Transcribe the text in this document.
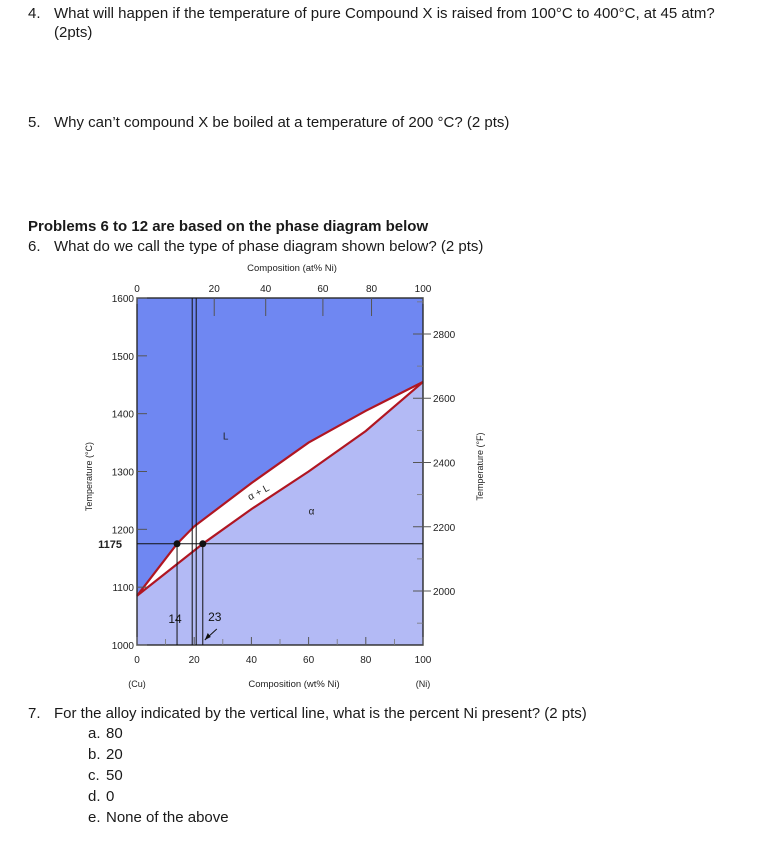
4. What will happen if the temperature of pure Compound X is raised from 100°C to 400°C, at 45 atm?
(2pts)
5. Why can’t compound X be boiled at a temperature of 200 °C? (2 pts)
Problems 6 to 12 are based on the phase diagram below
6. What do we call the type of phase diagram shown below? (2 pts)
0	20	40	60	80	100
Composition (at% Ni)
0	20	40	60	80	100
(Cu)	(Ni)
Composition (wt% Ni)
1600
1500
1400
1300
1200
1100
1000
1175
Temperature (°C)
2800
2600
2400
2200
2000
Temperature (°F)
14 23
L
α + L
α
7. For the alloy indicated by the vertical line, what is the percent Ni present? (2 pts)
a. 80
b. 20
c. 50
d. 0
e. None of the above
